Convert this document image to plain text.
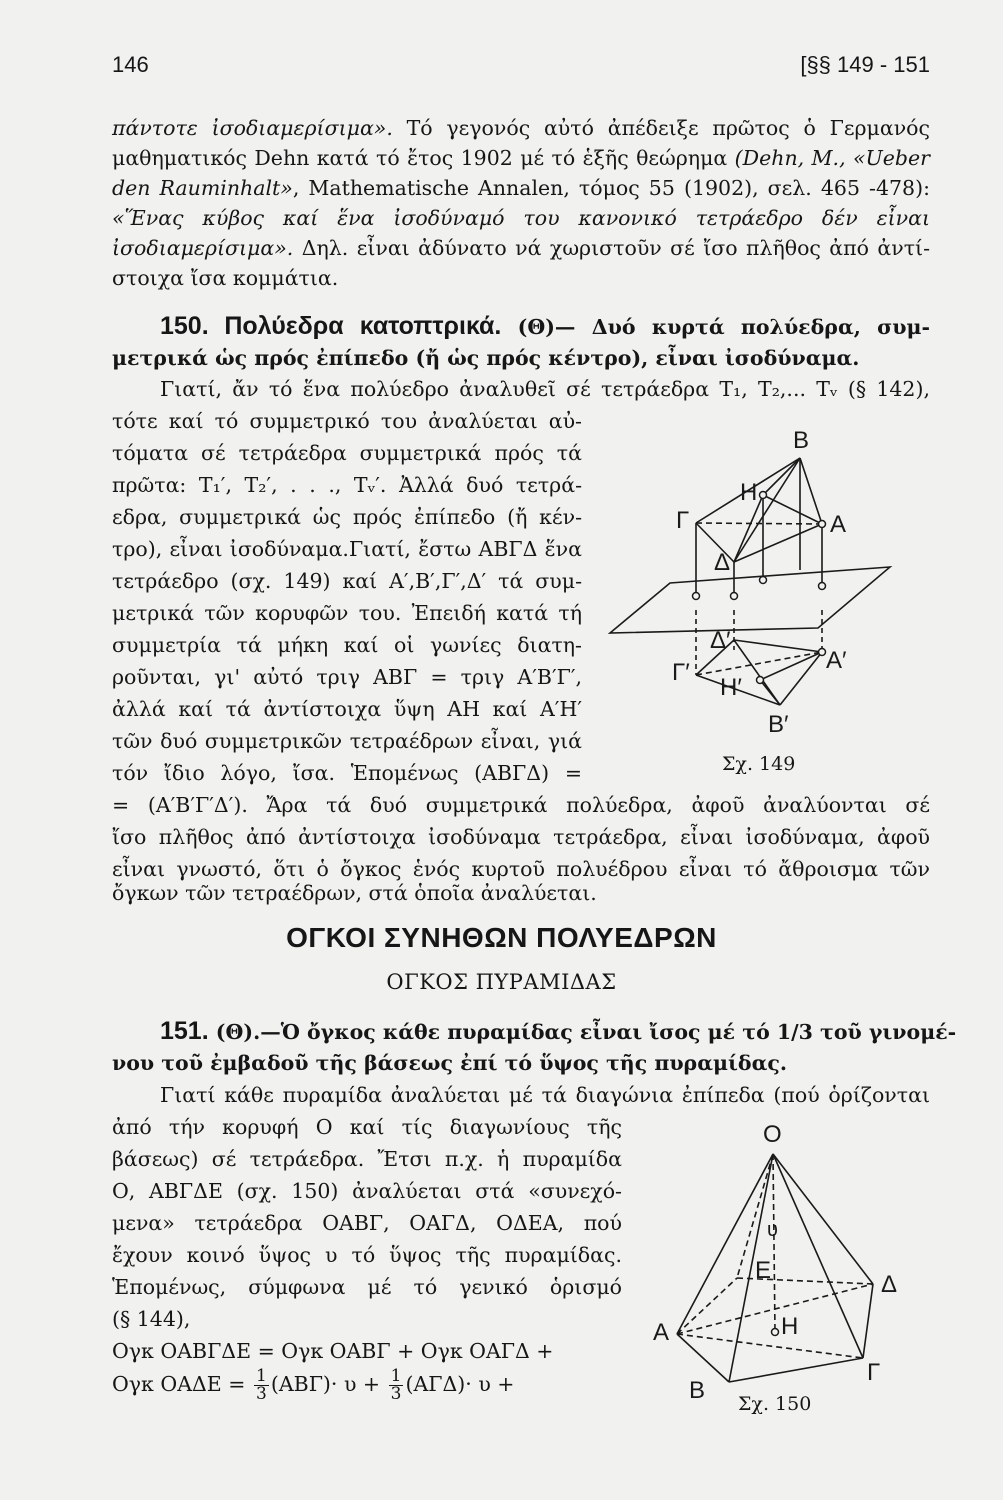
146	[§§ 149 - 151
πάντοτε ἰσοδιαμερίσιμα». Τό γεγονός αὐτό ἀπέδειξε πρῶτος ὁ Γερμανός
μαθηματικός Dehn κατά τό ἔτος 1902 μέ τό ἑξῆς θεώρημα (Dehn, M., «Ueber
den Rauminhalt», Mathematische Annalen, τόμος 55 (1902), σελ. 465 -478):
«Ἕνας κύβος καί ἕνα ἰσοδύναμό του κανονικό τετράεδρο δέν εἶναι
ἰσοδιαμερίσιμα». Δηλ. εἶναι ἀδύνατο νά χωριστοῦν σέ ἴσο πλῆθος ἀπό ἀντί-
στοιχα ἴσα κομμάτια.
150. Πολύεδρα κατοπτρικά. (Θ)— Δυό κυρτά πολύεδρα, συμ-
μετρικά ὡς πρός ἐπίπεδο (ἤ ὡς πρός κέντρο), εἶναι ἰσοδύναμα.
Γιατί, ἄν τό ἕνα πολύεδρο ἀναλυθεῖ σέ τετράεδρα T₁, T₂,... Tᵥ (§ 142),
τότε καί τό συμμετρικό του ἀναλύεται αὐ-
τόματα σέ τετράεδρα συμμετρικά πρός τά
πρῶτα: T₁′, T₂′, . . ., Tᵥ′. Ἀλλά δυό τετρά-
εδρα, συμμετρικά ὡς πρός ἐπίπεδο (ἤ κέν-
τρο), εἶναι ἰσοδύναμα.Γιατί, ἔστω ΑΒΓΔ ἕνα
τετράεδρο (σχ. 149) καί Α′,Β′,Γ′,Δ′ τά συμ-
μετρικά τῶν κορυφῶν του. Ἐπειδή κατά τή
συμμετρία τά μήκη καί οἱ γωνίες διατη-
ροῦνται, γι' αὐτό τριγ ΑΒΓ = τριγ Α′Β′Γ′,
ἀλλά καί τά ἀντίστοιχα ὕψη ΑΗ καί Α′Η′
τῶν δυό συμμετρικῶν τετραέδρων εἶναι, γιά
τόν ἴδιο λόγο, ἴσα. Ἑπομένως (ΑΒΓΔ) =
= (Α′Β′Γ′Δ′). Ἄρα τά δυό συμμετρικά πολύεδρα, ἀφοῦ ἀναλύονται σέ
ἴσο πλῆθος ἀπό ἀντίστοιχα ἰσοδύναμα τετράεδρα, εἶναι ἰσοδύναμα, ἀφοῦ
εἶναι γνωστό, ὅτι ὁ ὄγκος ἑνός κυρτοῦ πολυέδρου εἶναι τό ἄθροισμα τῶν
ὄγκων τῶν τετραέδρων, στά ὁποῖα ἀναλύεται.
B
H
Γ	A
Δ
Δ′
A′
Γ′
H′
B′
Σχ. 149
ΟΓΚΟΙ ΣΥΝΗΘΩΝ ΠΟΛΥΕΔΡΩΝ
ΟΓΚΟΣ ΠΥΡΑΜΙΔΑΣ
151. (Θ).—Ὁ ὄγκος κάθε πυραμίδας εἶναι ἴσος μέ τό 1/3 τοῦ γινομέ-
νου τοῦ ἐμβαδοῦ τῆς βάσεως ἐπί τό ὕψος τῆς πυραμίδας.
Γιατί κάθε πυραμίδα ἀναλύεται μέ τά διαγώνια ἐπίπεδα (πού ὁρίζονται
ἀπό τήν κορυφή Ο καί τίς διαγωνίους τῆς
βάσεως) σέ τετράεδρα. Ἔτσι π.χ. ἡ πυραμίδα
Ο, ΑΒΓΔΕ (σχ. 150) ἀναλύεται στά «συνεχό-
μενα» τετράεδρα ΟΑΒΓ, ΟΑΓΔ, ΟΔΕΑ, πού
ἔχουν κοινό ὕψος υ τό ὕψος τῆς πυραμίδας.
Ἑπομένως, σύμφωνα μέ τό γενικό ὁρισμό
(§ 144),
Ογκ ΟΑΒΓΔΕ = Ογκ ΟΑΒΓ + Ογκ ΟΑΓΔ +
Ογκ $OA\Delta E = \frac{1}{3} (AB\Gamma)\cdot \upsilon + \frac{1}{3} (A\Gamma\Delta)\cdot \upsilon$ +
O
υ
E
Δ
A	H
Γ
B Σχ. 150
